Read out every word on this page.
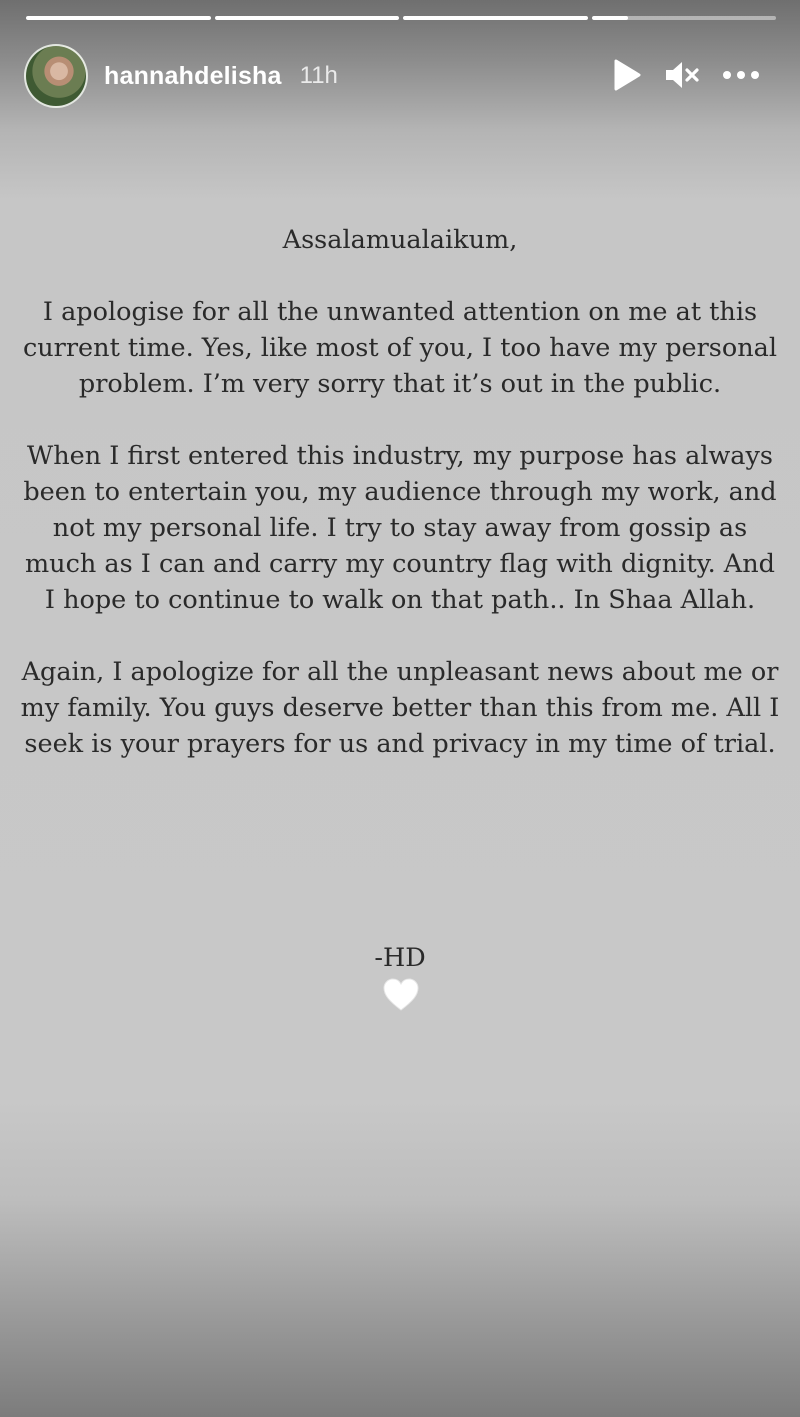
hannahdelisha 11h

Assalamualaikum,

I apologise for all the unwanted attention on me at this current time. Yes, like most of you, I too have my personal problem. I’m very sorry that it’s out in the public.

When I first entered this industry, my purpose has always been to entertain you, my audience through my work, and not my personal life. I try to stay away from gossip as much as I can and carry my country flag with dignity. And I hope to continue to walk on that path.. In Shaa Allah.

Again, I apologize for all the unpleasant news about me or my family. You guys deserve better than this from me. All I seek is your prayers for us and privacy in my time of trial.

-HD
